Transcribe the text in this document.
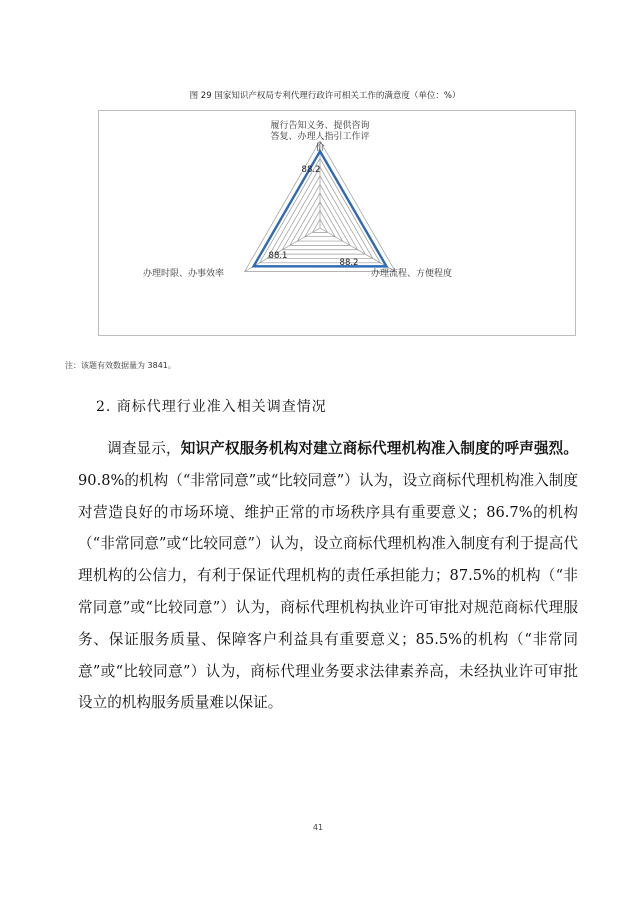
图 29 国家知识产权局专利代理行政许可相关工作的满意度（单位：%）
履行告知义务、提供咨询答复、办理人指引工作评价
办理流程、方便程度
办理时限、办事效率
88.2
88.2
88.1
注：该题有效数据量为 3841。
2. 商标代理行业准入相关调查情况

调查显示，知识产权服务机构对建立商标代理机构准入制度的呼声强烈。90.8%的机构（“非常同意”或“比较同意”）认为，设立商标代理机构准入制度对营造良好的市场环境、维护正常的市场秩序具有重要意义；86.7%的机构（“非常同意”或“比较同意”）认为，设立商标代理机构准入制度有利于提高代理机构的公信力，有利于保证代理机构的责任承担能力；87.5%的机构（“非常同意”或“比较同意”）认为，商标代理机构执业许可审批对规范商标代理服务、保证服务质量、保障客户利益具有重要意义；85.5%的机构（“非常同意”或“比较同意”）认为，商标代理业务要求法律素养高，未经执业许可审批设立的机构服务质量难以保证。

41
